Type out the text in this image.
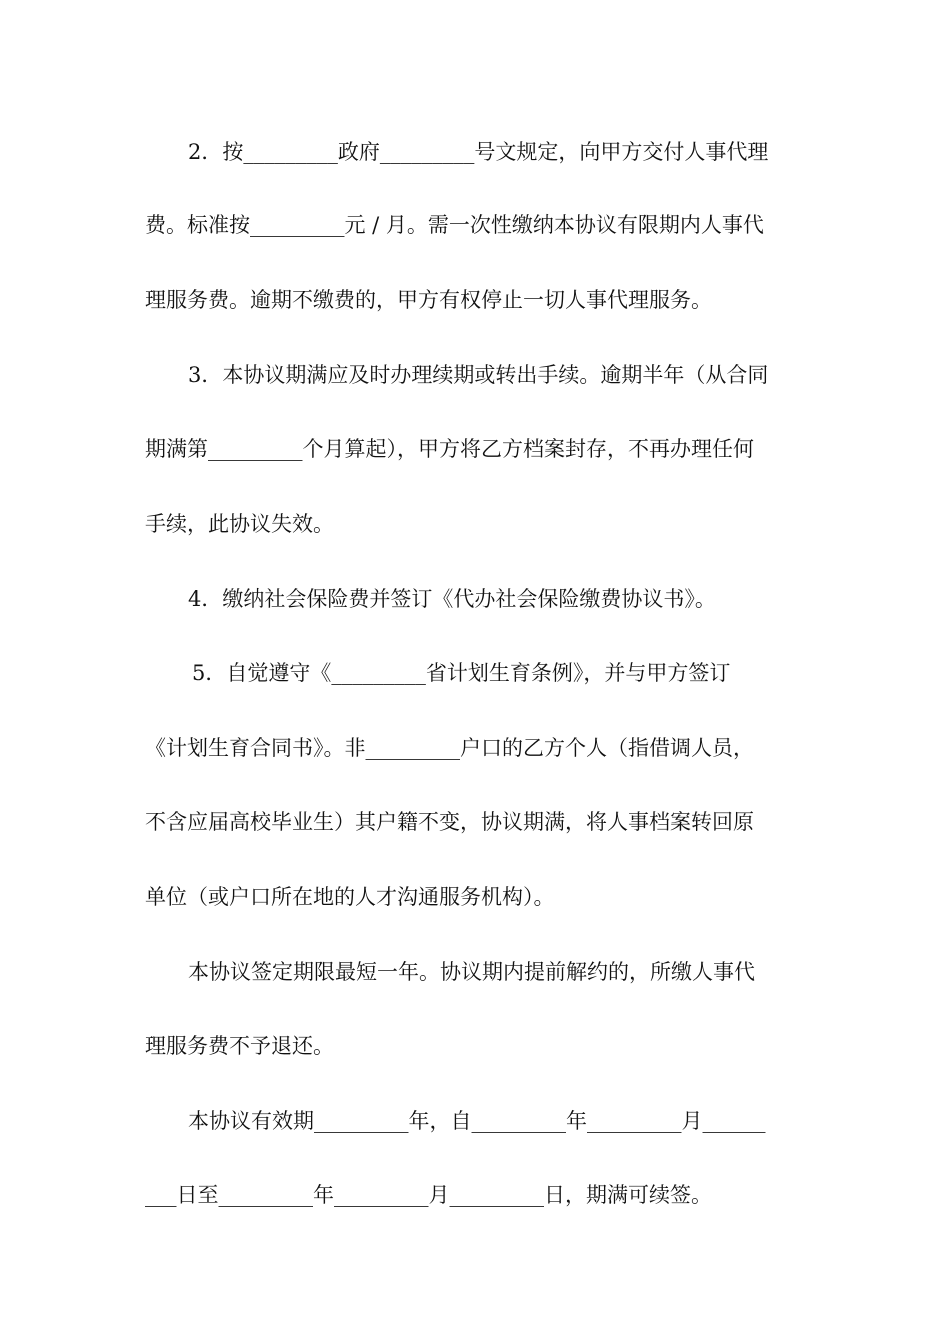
2．按_________政府_________号文规定，向甲方交付人事代理
费。标准按_________元 / 月。需一次性缴纳本协议有限期内人事代
理服务费。逾期不缴费的，甲方有权停止一切人事代理服务。
3．本协议期满应及时办理续期或转出手续。逾期半年（从合同
期满第_________个月算起），甲方将乙方档案封存，不再办理任何
手续，此协议失效。
4．缴纳社会保险费并签订《代办社会保险缴费协议书》。
5．自觉遵守《_________省计划生育条例》，并与甲方签订
《计划生育合同书》。非_________户口的乙方个人（指借调人员，
不含应届高校毕业生）其户籍不变，协议期满，将人事档案转回原
单位（或户口所在地的人才沟通服务机构）。
本协议签定期限最短一年。协议期内提前解约的，所缴人事代
理服务费不予退还。
本协议有效期_________年，自_________年_________月______
___日至_________年_________月_________日，期满可续签。
